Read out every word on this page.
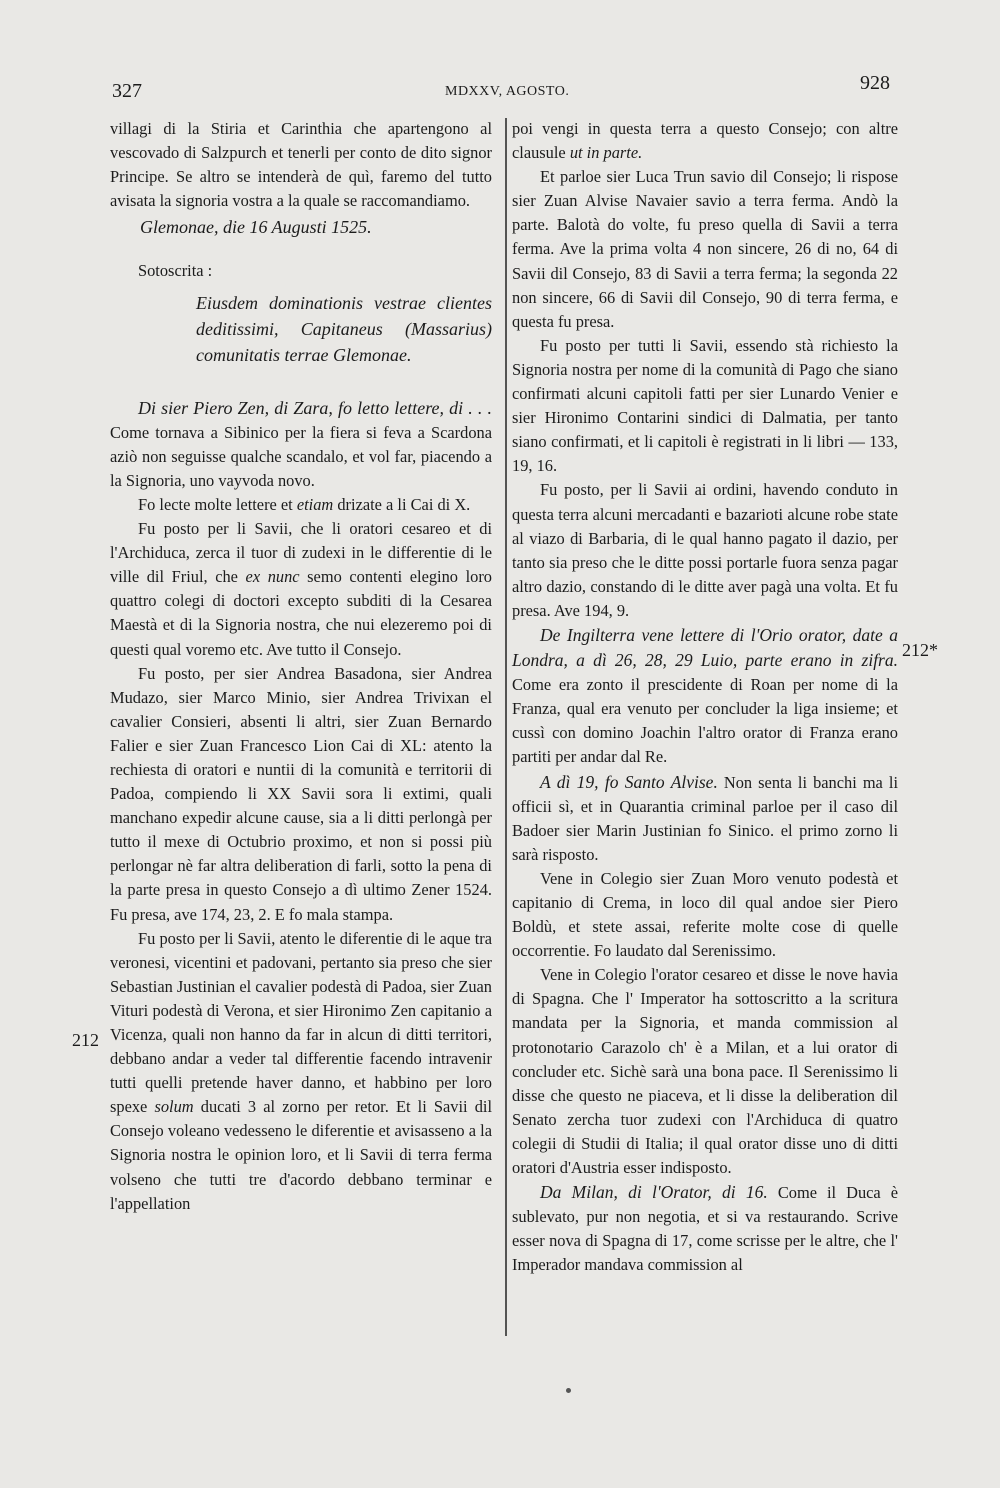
327	MDXXV, AGOSTO.	928
212
212*

villagi di la Stiria et Carinthia che apartengono al vescovado di Salzpurch et tenerli per conto de dito signor Principe. Se altro se intenderà de quì, faremo del tutto avisata la signoria vostra a la quale se raccomandiamo.

Glemonae, die 16 Augusti 1525.

Sotoscrita :

Eiusdem dominationis vestrae clientes deditissimi, Capitaneus (Massarius) comunitatis terrae Glemonae.

Di sier Piero Zen, di Zara, fo letto lettere, di . . . Come tornava a Sibinico per la fiera si feva a Scardona aziò non seguisse qualche scandalo, et vol far, piacendo a la Signoria, uno vayvoda novo.

Fo lecte molte lettere et etiam drizate a li Cai di X.

Fu posto per li Savii, che li oratori cesareo et di l'Archiduca, zerca il tuor di zudexi in le differentie di le ville dil Friul, che ex nunc semo contenti elegino loro quattro colegi di doctori excepto subditi di la Cesarea Maestà et di la Signoria nostra, che nui elezeremo poi di questi qual voremo etc. Ave tutto il Consejo.

Fu posto, per sier Andrea Basadona, sier Andrea Mudazo, sier Marco Minio, sier Andrea Trivixan el cavalier Consieri, absenti li altri, sier Zuan Bernardo Falier e sier Zuan Francesco Lion Cai di XL: atento la rechiesta di oratori e nuntii di la comunità e territorii di Padoa, compiendo li XX Savii sora li extimi, quali manchano expedir alcune cause, sia a li ditti perlongà per tutto il mexe di Octubrio proximo, et non si possi più perlongar nè far altra deliberation di farli, sotto la pena di la parte presa in questo Consejo a dì ultimo Zener 1524. Fu presa, ave 174, 23, 2. E fo mala stampa.

Fu posto per li Savii, atento le diferentie di le aque tra veronesi, vicentini et padovani, pertanto sia preso che sier Sebastian Justinian el cavalier podestà di Padoa, sier Zuan Vituri podestà di Verona, et sier Hironimo Zen capitanio a Vicenza, quali non hanno da far in alcun di ditti territori, debbano andar a veder tal differentie facendo intravenir tutti quelli pretende haver danno, et habbino per loro spexe solum ducati 3 al zorno per retor. Et li Savii dil Consejo voleano vedesseno le diferentie et avisasseno a la Signoria nostra le opinion loro, et li Savii di terra ferma volseno che tutti tre d'acordo debbano terminar e l'appellation

poi vengi in questa terra a questo Consejo; con altre clausule ut in parte.

Et parloe sier Luca Trun savio dil Consejo; li rispose sier Zuan Alvise Navaier savio a terra ferma. Andò la parte. Balotà do volte, fu preso quella di Savii a terra ferma. Ave la prima volta 4 non sincere, 26 di no, 64 di Savii dil Consejo, 83 di Savii a terra ferma; la segonda 22 non sincere, 66 di Savii dil Consejo, 90 di terra ferma, e questa fu presa.

Fu posto per tutti li Savii, essendo stà richiesto la Signoria nostra per nome di la comunità di Pago che siano confirmati alcuni capitoli fatti per sier Lunardo Venier e sier Hironimo Contarini sindici di Dalmatia, per tanto siano confirmati, et li capitoli è registrati in li libri — 133, 19, 16.

Fu posto, per li Savii ai ordini, havendo conduto in questa terra alcuni mercadanti e bazarioti alcune robe state al viazo di Barbaria, di le qual hanno pagato il dazio, per tanto sia preso che le ditte possi portarle fuora senza pagar altro dazio, constando di le ditte aver pagà una volta. Et fu presa. Ave 194, 9.

De Ingilterra vene lettere di l'Orio orator, date a Londra, a dì 26, 28, 29 Luio, parte erano in zifra. Come era zonto il prescidente di Roan per nome di la Franza, qual era venuto per concluder la liga insieme; et cussì con domino Joachin l'altro orator di Franza erano partiti per andar dal Re.

A dì 19, fo Santo Alvise. Non senta li banchi ma li officii sì, et in Quarantia criminal parloe per il caso dil Badoer sier Marin Justinian fo Sinico. el primo zorno li sarà risposto.

Vene in Colegio sier Zuan Moro venuto podestà et capitanio di Crema, in loco dil qual andoe sier Piero Boldù, et stete assai, referite molte cose di quelle occorrentie. Fo laudato dal Serenissimo.

Vene in Colegio l'orator cesareo et disse le nove havia di Spagna. Che l' Imperator ha sottoscritto a la scritura mandata per la Signoria, et manda commission al protonotario Carazolo ch' è a Milan, et a lui orator di concluder etc. Sichè sarà una bona pace. Il Serenissimo li disse che questo ne piaceva, et li disse la deliberation dil Senato zercha tuor zudexi con l'Archiduca di quatro colegii di Studii di Italia; il qual orator disse uno di ditti oratori d'Austria esser indisposto.

Da Milan, di l'Orator, di 16. Come il Duca è sublevato, pur non negotia, et si va restaurando. Scrive esser nova di Spagna di 17, come scrisse per le altre, che l' Imperador mandava commission al
